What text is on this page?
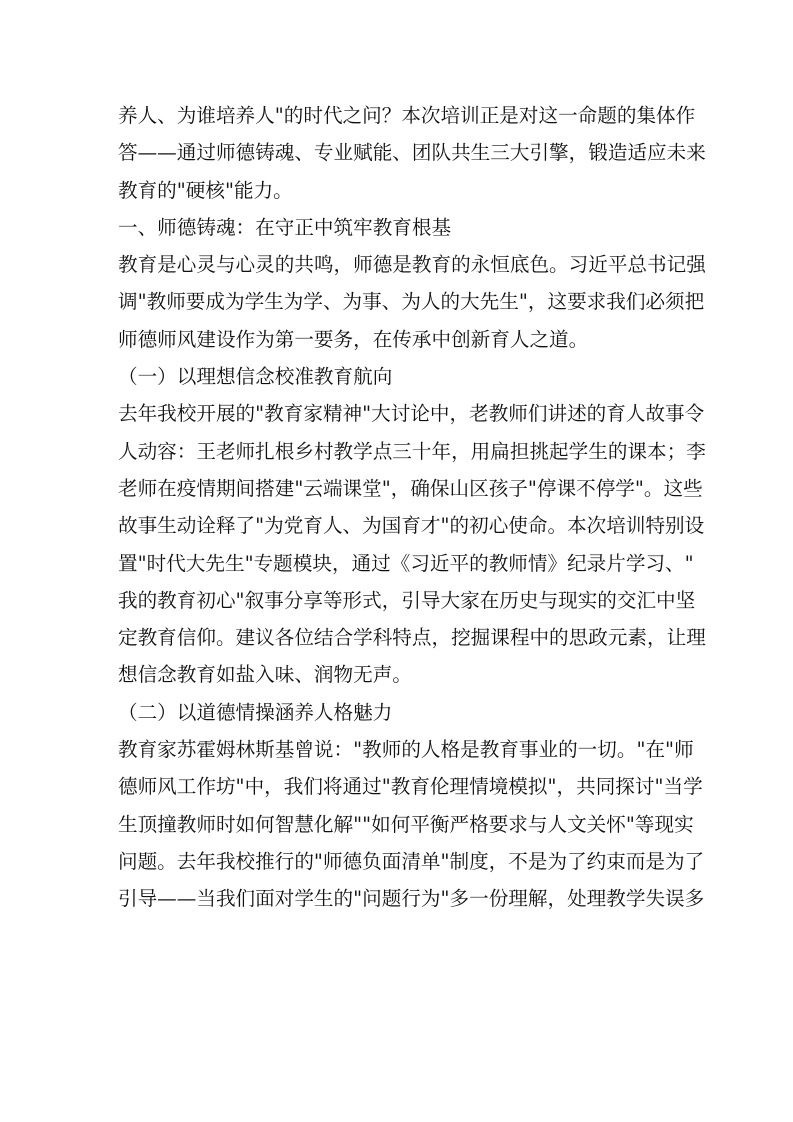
养人、为谁培养人"的时代之问？本次培训正是对这一命题的集体作
答——通过师德铸魂、专业赋能、团队共生三大引擎，锻造适应未来
教育的"硬核"能力。
一、师德铸魂：在守正中筑牢教育根基
教育是心灵与心灵的共鸣，师德是教育的永恒底色。习近平总书记强
调"教师要成为学生为学、为事、为人的大先生"，这要求我们必须把
师德师风建设作为第一要务，在传承中创新育人之道。
（一）以理想信念校准教育航向
去年我校开展的"教育家精神"大讨论中，老教师们讲述的育人故事令
人动容：王老师扎根乡村教学点三十年，用扁担挑起学生的课本；李
老师在疫情期间搭建"云端课堂"，确保山区孩子"停课不停学"。这些
故事生动诠释了"为党育人、为国育才"的初心使命。本次培训特别设
置"时代大先生"专题模块，通过《习近平的教师情》纪录片学习、"
我的教育初心"叙事分享等形式，引导大家在历史与现实的交汇中坚
定教育信仰。建议各位结合学科特点，挖掘课程中的思政元素，让理
想信念教育如盐入味、润物无声。
（二）以道德情操涵养人格魅力
教育家苏霍姆林斯基曾说："教师的人格是教育事业的一切。"在"师
德师风工作坊"中，我们将通过"教育伦理情境模拟"，共同探讨"当学
生顶撞教师时如何智慧化解""如何平衡严格要求与人文关怀"等现实
问题。去年我校推行的"师德负面清单"制度，不是为了约束而是为了
引导——当我们面对学生的"问题行为"多一份理解，处理教学失误多
